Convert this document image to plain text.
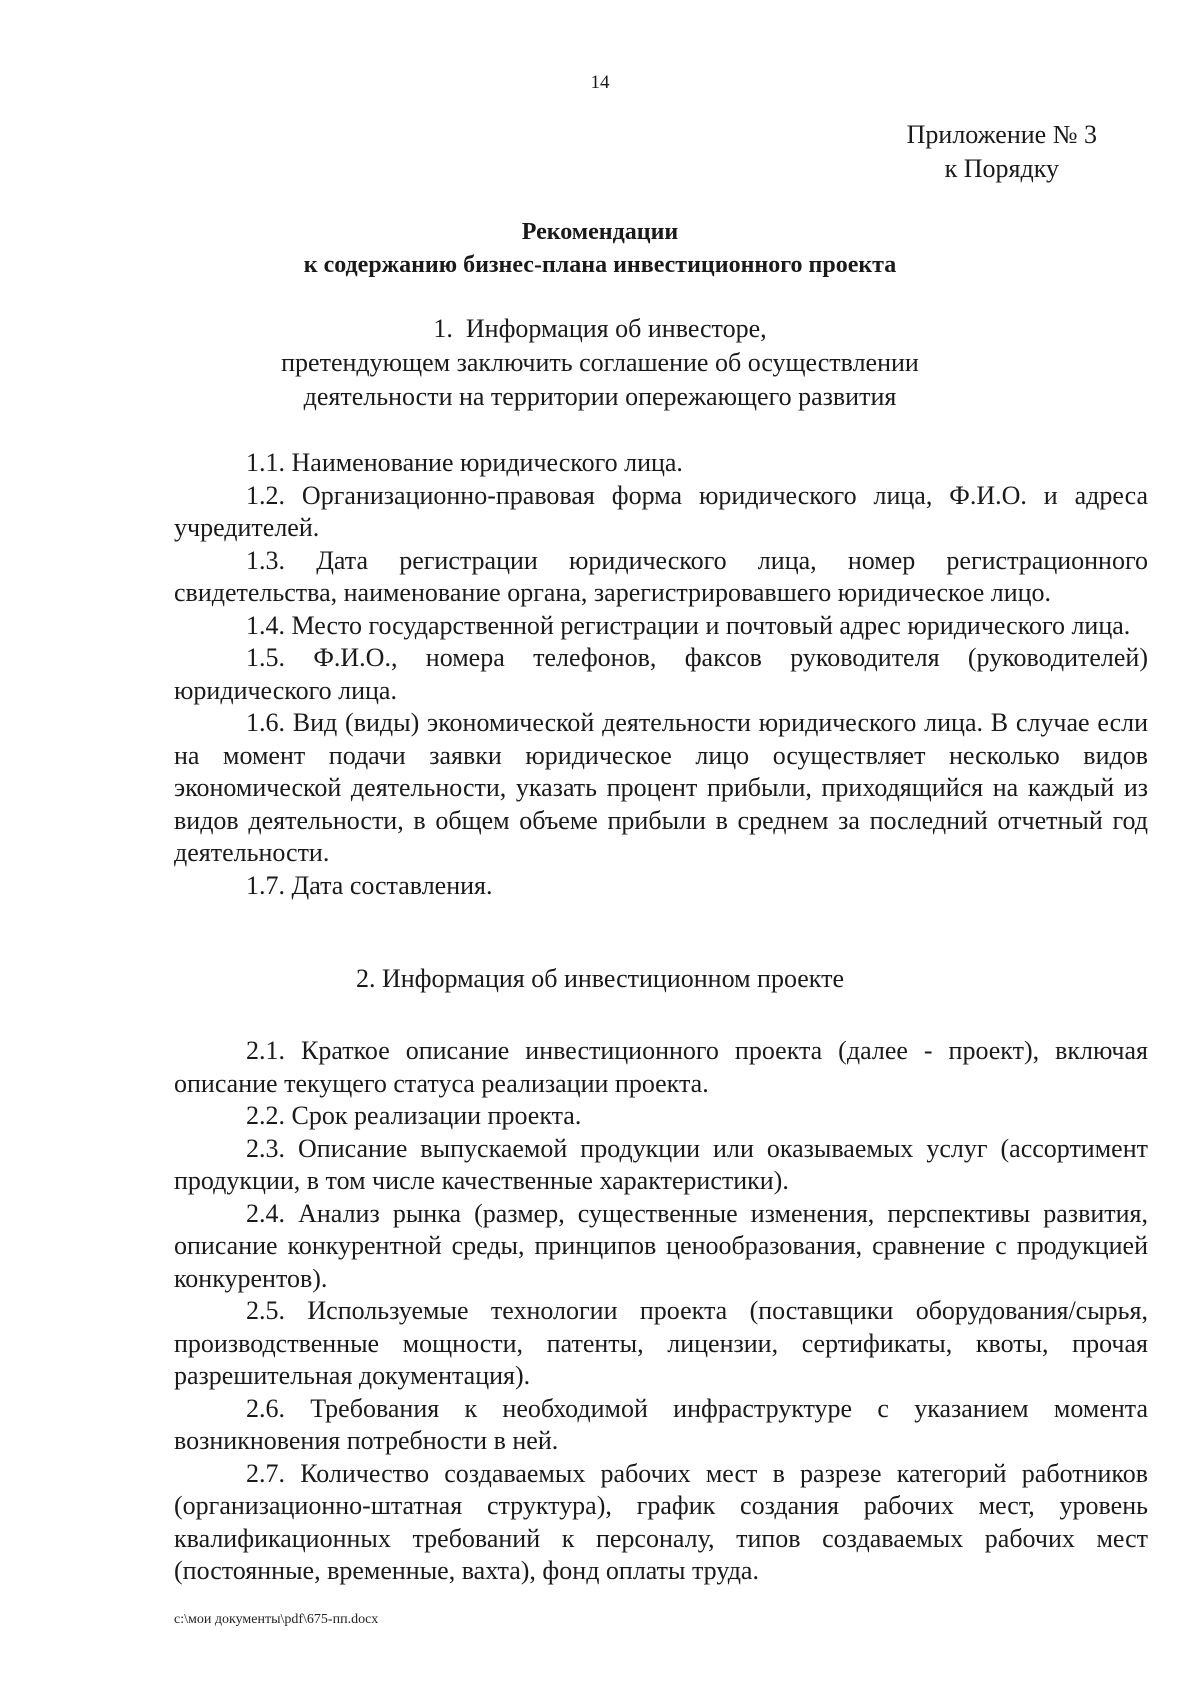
14
Приложение № 3
к Порядку
Рекомендации
к содержанию бизнес-плана инвестиционного проекта
1.  Информация об инвесторе,
претендующем заключить соглашение об осуществлении
деятельности на территории опережающего развития

1.1. Наименование юридического лица.

1.2. Организационно-правовая форма юридического лица, Ф.И.О. и адреса учредителей.

1.3. Дата регистрации юридического лица, номер регистрационного свидетельства, наименование органа, зарегистрировавшего юридическое лицо.

1.4. Место государственной регистрации и почтовый адрес юридического лица.

1.5. Ф.И.О., номера телефонов, факсов руководителя (руководителей) юридического лица.

1.6. Вид (виды) экономической деятельности юридического лица. В случае если на момент подачи заявки юридическое лицо осуществляет несколько видов экономической деятельности, указать процент прибыли, приходящийся на каждый из видов деятельности, в общем объеме прибыли в среднем за последний отчетный год деятельности.

1.7. Дата составления.

2. Информация об инвестиционном проекте

2.1. Краткое описание инвестиционного проекта (далее - проект), включая описание текущего статуса реализации проекта.

2.2. Срок реализации проекта.

2.3. Описание выпускаемой продукции или оказываемых услуг (ассортимент продукции, в том числе качественные характеристики).

2.4. Анализ рынка (размер, существенные изменения, перспективы развития, описание конкурентной среды, принципов ценообразования, сравнение с продукцией конкурентов).

2.5. Используемые технологии проекта (поставщики оборудования/сырья, производственные мощности, патенты, лицензии, сертификаты, квоты, прочая разрешительная документация).

2.6. Требования к необходимой инфраструктуре с указанием момента возникновения потребности в ней.

2.7. Количество создаваемых рабочих мест в разрезе категорий работников (организационно-штатная структура), график создания рабочих мест, уровень квалификационных требований к персоналу, типов создаваемых рабочих мест (постоянные, временные, вахта), фонд оплаты труда.

c:\мои документы\pdf\675-пп.docx
